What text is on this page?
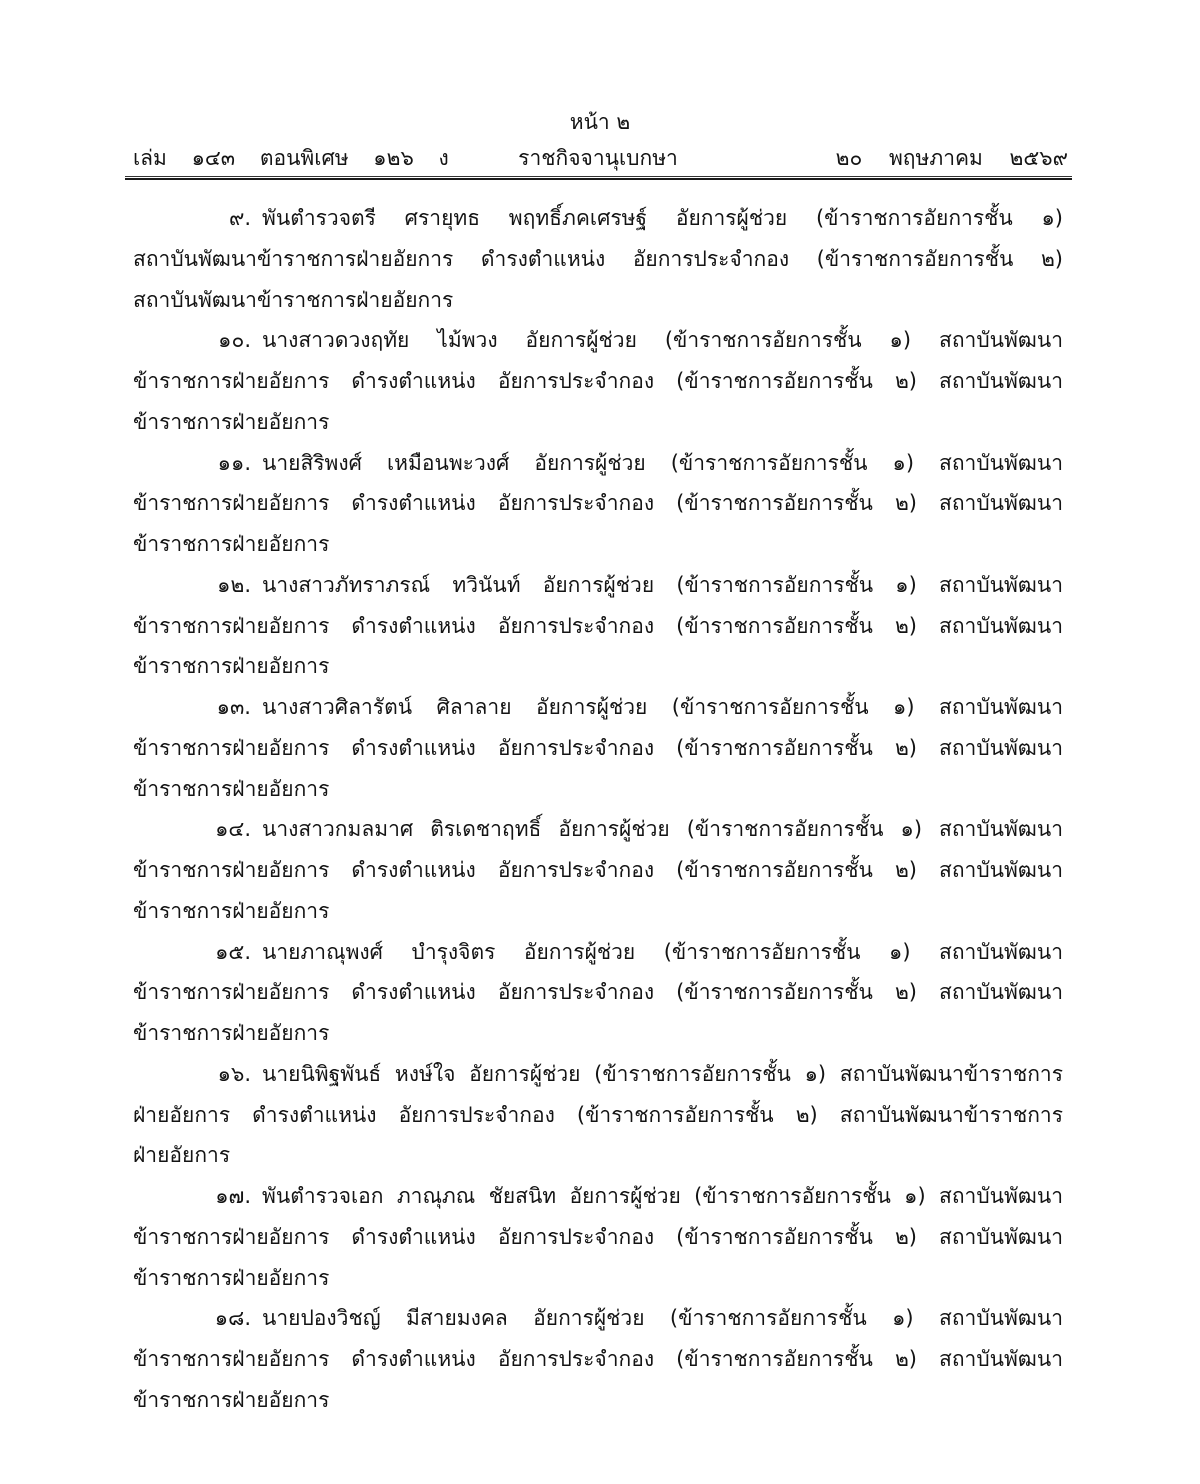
หน้า ๒
เล่ม ๑๔๓ ตอนพิเศษ ๑๒๖ ง	ราชกิจจานุเบกษา	๒๐ พฤษภาคม ๒๕๖๙
๙. พันตำรวจตรี ศรายุทธ พฤทธิ์ภคเศรษฐ์ อัยการผู้ช่วย (ข้าราชการอัยการชั้น ๑)
สถาบันพัฒนาข้าราชการฝ่ายอัยการ ดำรงตำแหน่ง อัยการประจำกอง (ข้าราชการอัยการชั้น ๒)
สถาบันพัฒนาข้าราชการฝ่ายอัยการ
๑๐. นางสาวดวงฤทัย ไม้พวง อัยการผู้ช่วย (ข้าราชการอัยการชั้น ๑) สถาบันพัฒนา
ข้าราชการฝ่ายอัยการ ดำรงตำแหน่ง อัยการประจำกอง (ข้าราชการอัยการชั้น ๒) สถาบันพัฒนา
ข้าราชการฝ่ายอัยการ
๑๑. นายสิริพงศ์ เหมือนพะวงศ์ อัยการผู้ช่วย (ข้าราชการอัยการชั้น ๑) สถาบันพัฒนา
ข้าราชการฝ่ายอัยการ ดำรงตำแหน่ง อัยการประจำกอง (ข้าราชการอัยการชั้น ๒) สถาบันพัฒนา
ข้าราชการฝ่ายอัยการ
๑๒. นางสาวภัทราภรณ์ ทวินันท์ อัยการผู้ช่วย (ข้าราชการอัยการชั้น ๑) สถาบันพัฒนา
ข้าราชการฝ่ายอัยการ ดำรงตำแหน่ง อัยการประจำกอง (ข้าราชการอัยการชั้น ๒) สถาบันพัฒนา
ข้าราชการฝ่ายอัยการ
๑๓. นางสาวศิลารัตน์ ศิลาลาย อัยการผู้ช่วย (ข้าราชการอัยการชั้น ๑) สถาบันพัฒนา
ข้าราชการฝ่ายอัยการ ดำรงตำแหน่ง อัยการประจำกอง (ข้าราชการอัยการชั้น ๒) สถาบันพัฒนา
ข้าราชการฝ่ายอัยการ
๑๔. นางสาวกมลมาศ ติรเดชาฤทธิ์ อัยการผู้ช่วย (ข้าราชการอัยการชั้น ๑) สถาบันพัฒนา
ข้าราชการฝ่ายอัยการ ดำรงตำแหน่ง อัยการประจำกอง (ข้าราชการอัยการชั้น ๒) สถาบันพัฒนา
ข้าราชการฝ่ายอัยการ
๑๕. นายภาณุพงศ์ บำรุงจิตร อัยการผู้ช่วย (ข้าราชการอัยการชั้น ๑) สถาบันพัฒนา
ข้าราชการฝ่ายอัยการ ดำรงตำแหน่ง อัยการประจำกอง (ข้าราชการอัยการชั้น ๒) สถาบันพัฒนา
ข้าราชการฝ่ายอัยการ
๑๖. นายนิพิฐพันธ์ หงษ์ใจ อัยการผู้ช่วย (ข้าราชการอัยการชั้น ๑) สถาบันพัฒนาข้าราชการ
ฝ่ายอัยการ ดำรงตำแหน่ง อัยการประจำกอง (ข้าราชการอัยการชั้น ๒) สถาบันพัฒนาข้าราชการ
ฝ่ายอัยการ
๑๗. พันตำรวจเอก ภาณุภณ ชัยสนิท อัยการผู้ช่วย (ข้าราชการอัยการชั้น ๑) สถาบันพัฒนา
ข้าราชการฝ่ายอัยการ ดำรงตำแหน่ง อัยการประจำกอง (ข้าราชการอัยการชั้น ๒) สถาบันพัฒนา
ข้าราชการฝ่ายอัยการ
๑๘. นายปองวิชญ์ มีสายมงคล อัยการผู้ช่วย (ข้าราชการอัยการชั้น ๑) สถาบันพัฒนา
ข้าราชการฝ่ายอัยการ ดำรงตำแหน่ง อัยการประจำกอง (ข้าราชการอัยการชั้น ๒) สถาบันพัฒนา
ข้าราชการฝ่ายอัยการ
